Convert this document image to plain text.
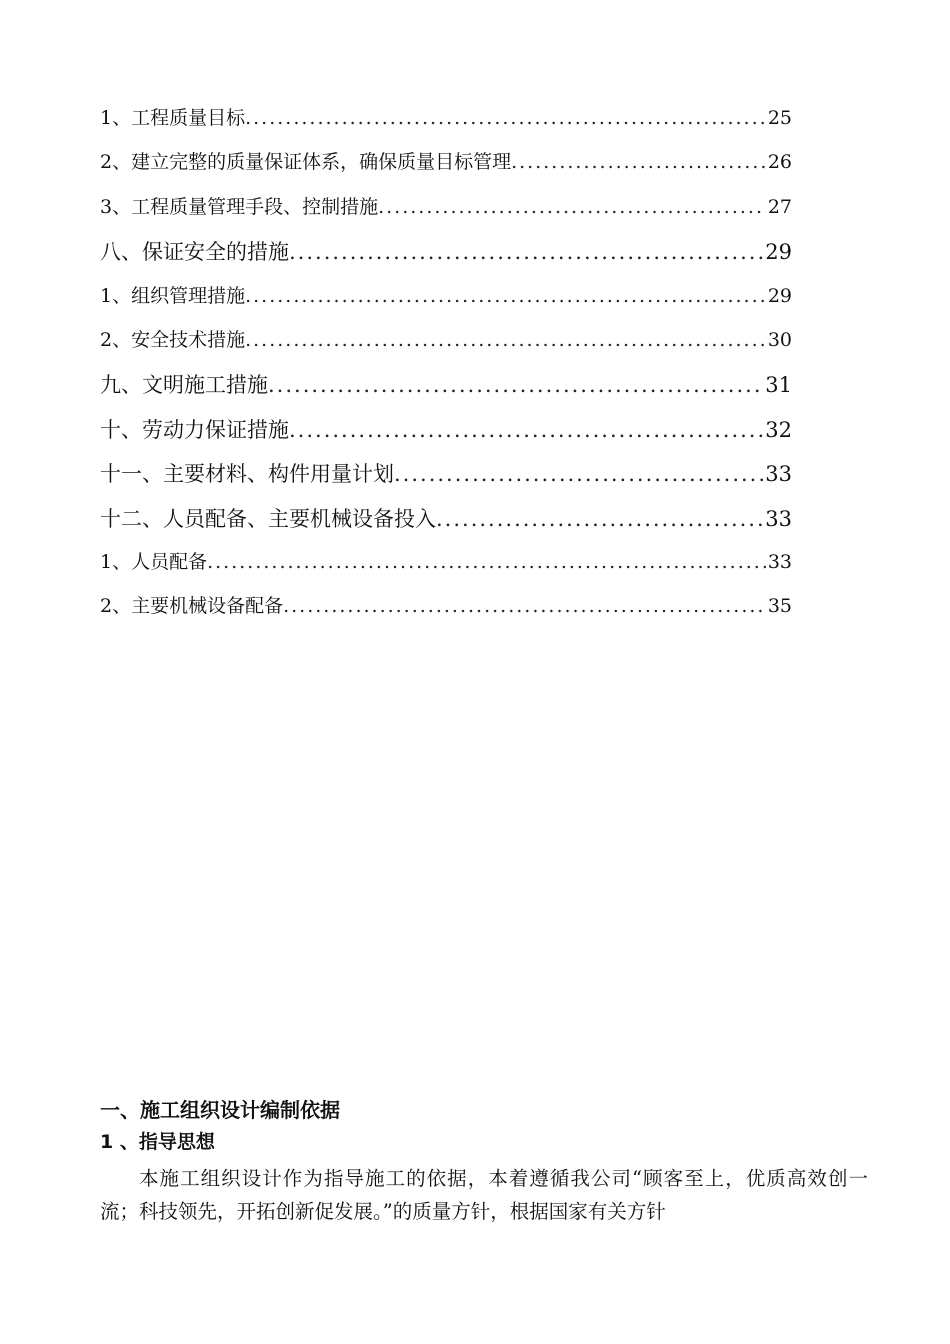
1、工程质量目标 .....	25
2、建立完整的质量保证体系，确保质量目标管理 .....	26
3、工程质量管理手段、控制措施 .....	27
八、保证安全的措施 .....	29
1、组织管理措施 .....	29
2、安全技术措施 .....	30
九、文明施工措施 .....	31
十、劳动力保证措施 .....	32
十一、主要材料、构件用量计划 .....	33
十二、人员配备、主要机械设备投入 .....	33
1、人员配备 .....	33
2、主要机械设备配备 .....	35
一、施工组织设计编制依据
1 、指导思想

本施工组织设计作为指导施工的依据，本着遵循我公司“顾客至上，优质高效创一流；科技领先，开拓创新促发展。”的质量方针，根据国家有关方针
